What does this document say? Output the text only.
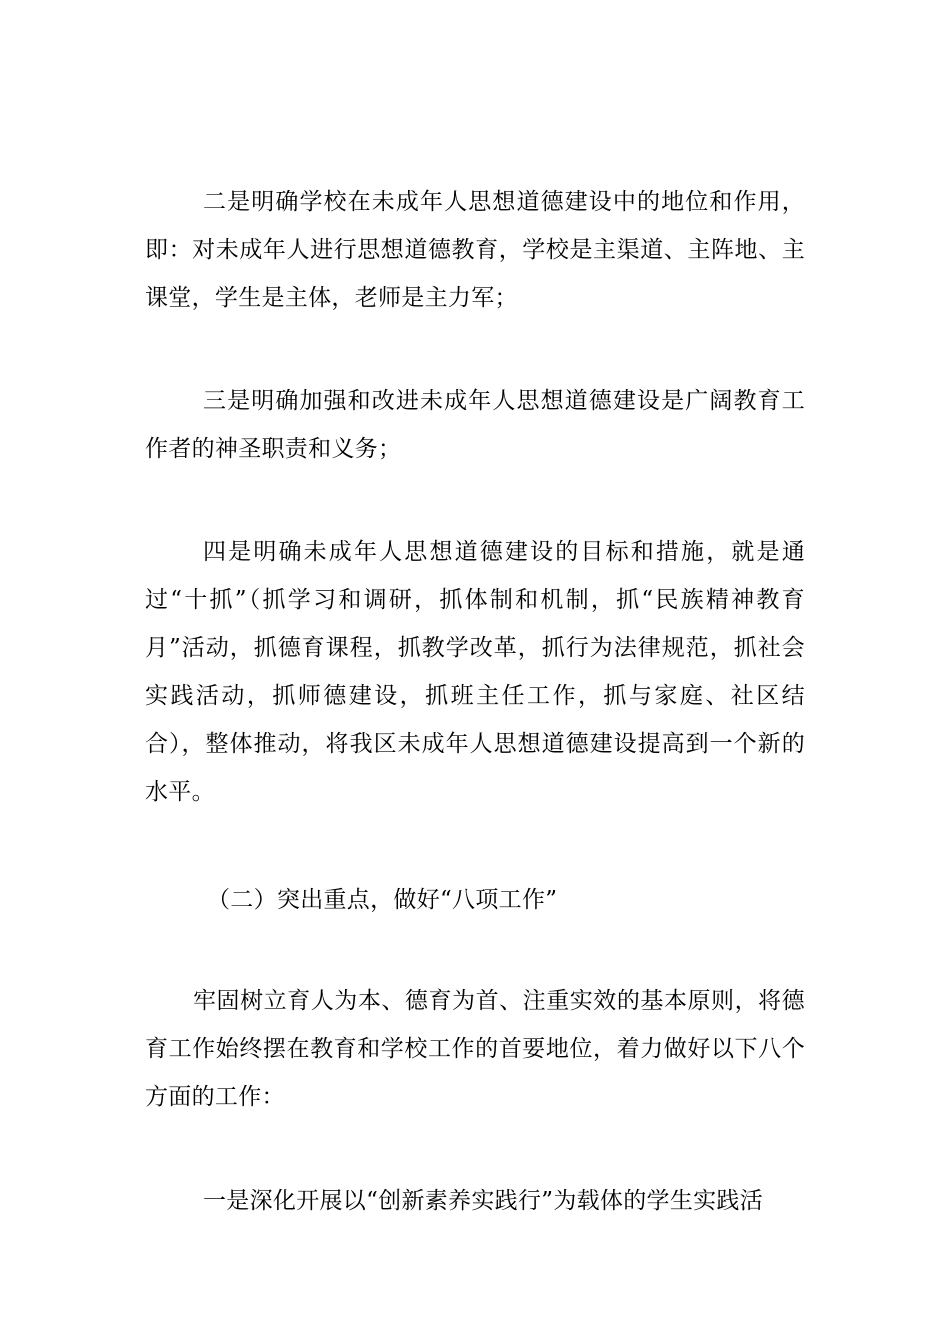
二是明确学校在未成年人思想道德建设中的地位和作用，即：对未成年人进行思想道德教育，学校是主渠道、主阵地、主课堂，学生是主体，老师是主力军；

三是明确加强和改进未成年人思想道德建设是广阔教育工作者的神圣职责和义务；

四是明确未成年人思想道德建设的目标和措施，就是通过“十抓”（抓学习和调研，抓体制和机制，抓“民族精神教育月”活动，抓德育课程，抓教学改革，抓行为法律规范，抓社会实践活动，抓师德建设，抓班主任工作，抓与家庭、社区结合），整体推动，将我区未成年人思想道德建设提高到一个新的水平。

（二）突出重点，做好“八项工作”

牢固树立育人为本、德育为首、注重实效的基本原则，将德育工作始终摆在教育和学校工作的首要地位，着力做好以下八个方面的工作：

一是深化开展以“创新素养实践行”为载体的学生实践活
